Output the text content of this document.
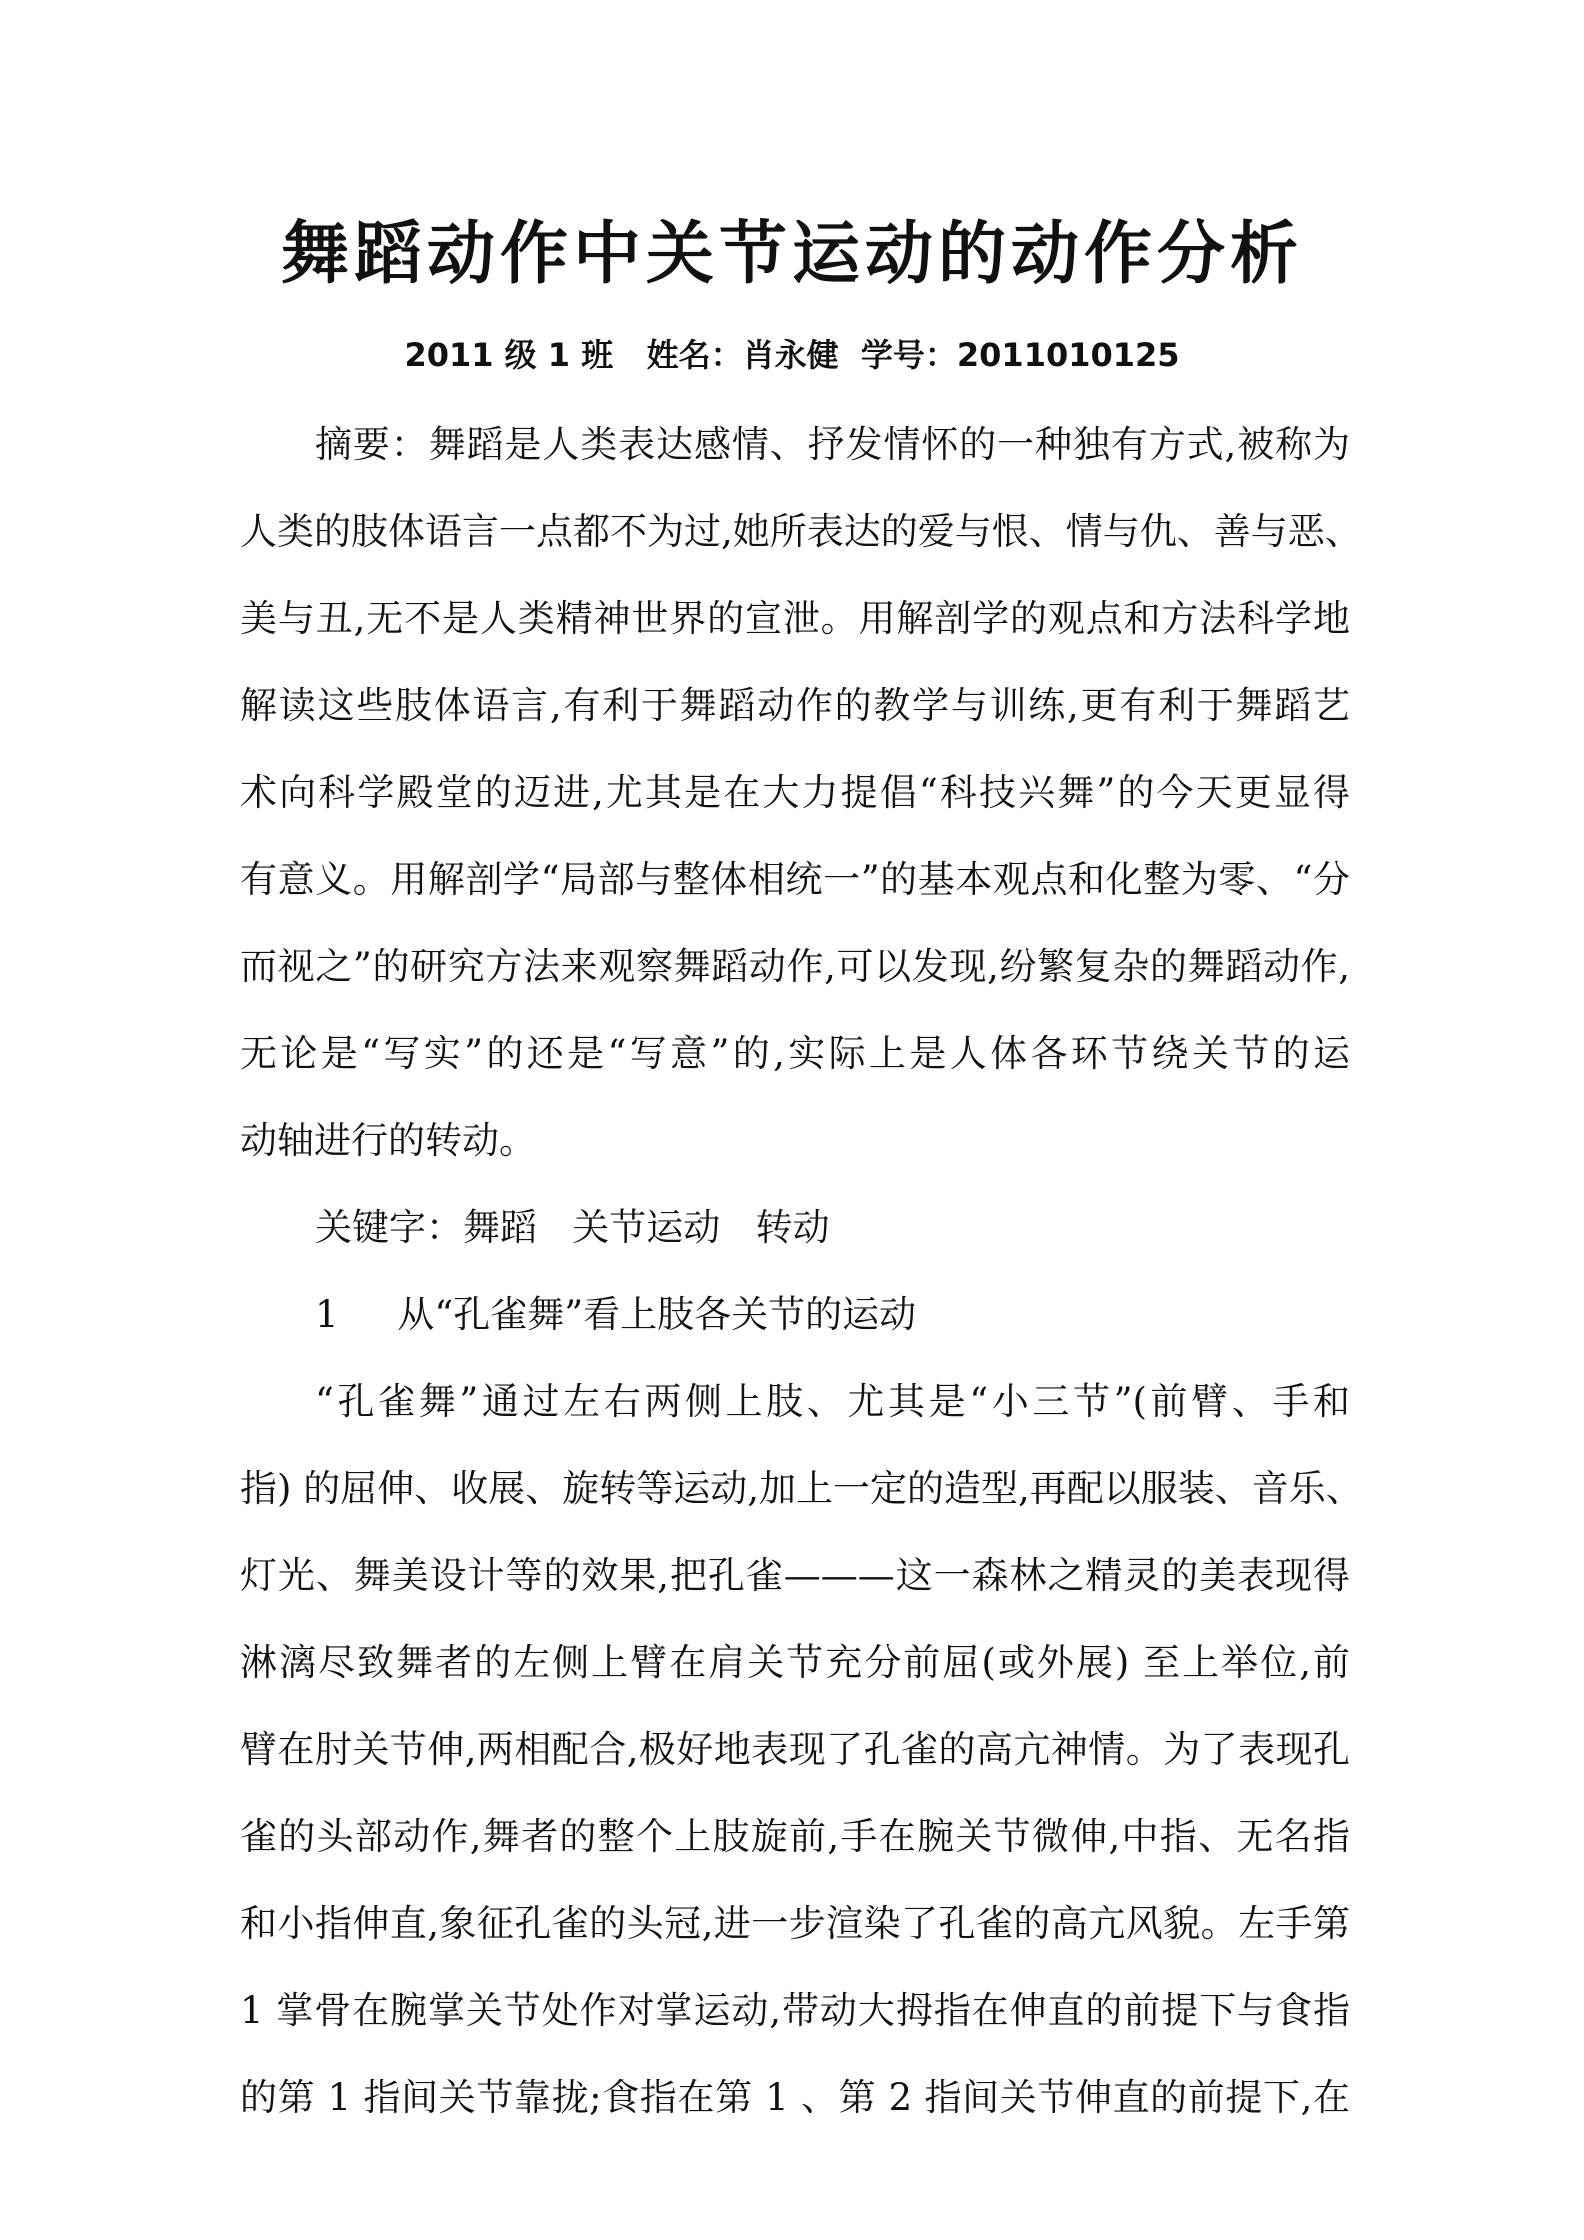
舞蹈动作中关节运动的动作分析
2011 级 1 班   姓名：肖永健  学号：2011010125
摘要：舞蹈是人类表达感情、抒发情怀的一种独有方式,被称为
人类的肢体语言一点都不为过,她所表达的爱与恨、情与仇、善与恶、
美与丑,无不是人类精神世界的宣泄。用解剖学的观点和方法科学地
解读这些肢体语言,有利于舞蹈动作的教学与训练,更有利于舞蹈艺
术向科学殿堂的迈进,尤其是在大力提倡“科技兴舞”的今天更显得
有意义。用解剖学“局部与整体相统一”的基本观点和化整为零、“分
而视之”的研究方法来观察舞蹈动作,可以发现,纷繁复杂的舞蹈动作,
无论是“写实”的还是“写意”的,实际上是人体各环节绕关节的运
动轴进行的转动。
关键字：舞蹈   关节运动   转动
1     从“孔雀舞”看上肢各关节的运动
“孔雀舞”通过左右两侧上肢、尤其是“小三节”(前臂、手和
指) 的屈伸、收展、旋转等运动,加上一定的造型,再配以服装、音乐、
灯光、舞美设计等的效果,把孔雀———这一森林之精灵的美表现得
淋漓尽致舞者的左侧上臂在肩关节充分前屈(或外展) 至上举位,前
臂在肘关节伸,两相配合,极好地表现了孔雀的高亢神情。为了表现孔
雀的头部动作,舞者的整个上肢旋前,手在腕关节微伸,中指、无名指
和小指伸直,象征孔雀的头冠,进一步渲染了孔雀的高亢风貌。左手第
1 掌骨在腕掌关节处作对掌运动,带动大拇指在伸直的前提下与食指
的第 1 指间关节靠拢;食指在第 1 、第 2 指间关节伸直的前提下,在
